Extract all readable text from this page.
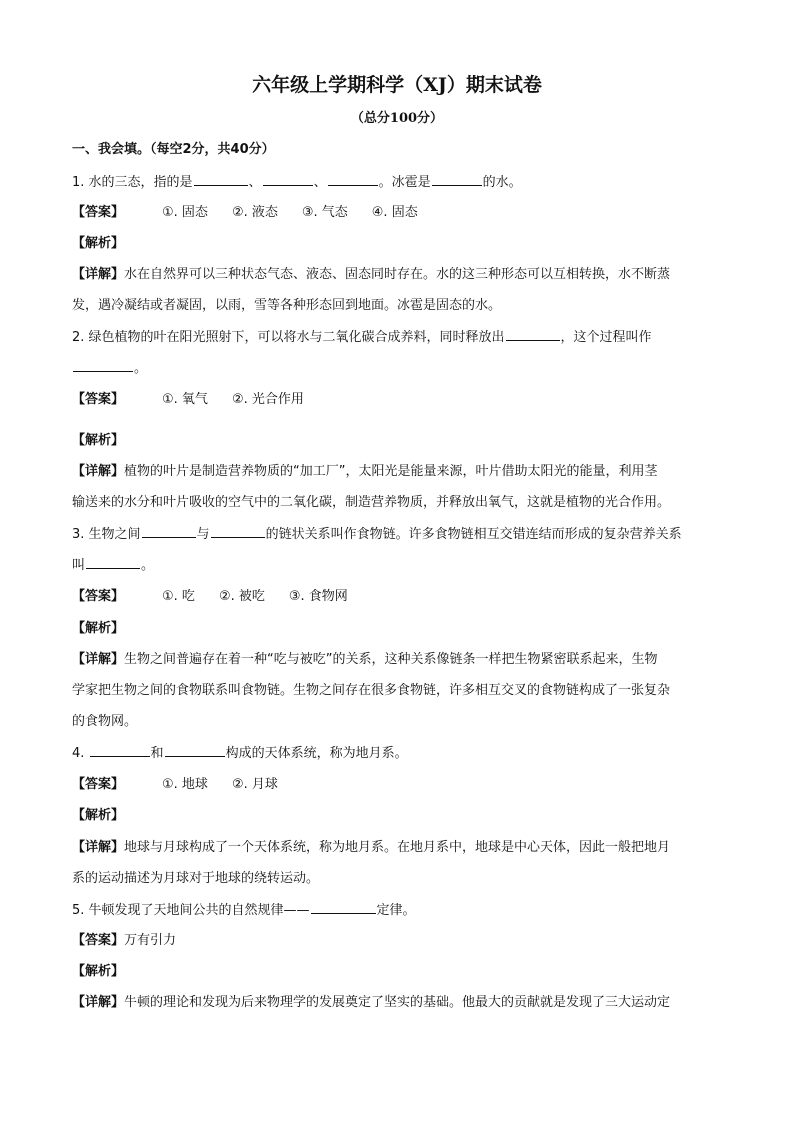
六年级上学期科学（XJ）期末试卷
（总分100分）
一、我会填。（每空2分，共40分）
1. 水的三态，指的是	、	、	。冰雹是	的水。
【答案】	①. 固态 ②. 液态 ③. 气态 ④. 固态
【解析】
【详解】水在自然界可以三种状态气态、液态、固态同时存在。水的这三种形态可以互相转换，水不断蒸
发，遇冷凝结或者凝固，以雨，雪等各种形态回到地面。冰雹是固态的水。
2. 绿色植物的叶在阳光照射下，可以将水与二氧化碳合成养料，同时释放出	，这个过程叫作
。
【答案】	①. 氧气 ②. 光合作用
【解析】
【详解】植物的叶片是制造营养物质的“加工厂”，太阳光是能量来源，叶片借助太阳光的能量，利用茎
输送来的水分和叶片吸收的空气中的二氧化碳，制造营养物质，并释放出氧气，这就是植物的光合作用。
3. 生物之间	与	的链状关系叫作食物链。许多食物链相互交错连结而形成的复杂营养关系
叫	。
【答案】	①. 吃 ②. 被吃 ③. 食物网
【解析】
【详解】生物之间普遍存在着一种“吃与被吃”的关系，这种关系像链条一样把生物紧密联系起来，生物
学家把生物之间的食物联系叫食物链。生物之间存在很多食物链，许多相互交叉的食物链构成了一张复杂
的食物网。
4.	和	构成的天体系统，称为地月系。
【答案】	①. 地球 ②. 月球
【解析】
【详解】地球与月球构成了一个天体系统，称为地月系。在地月系中，地球是中心天体，因此一般把地月
系的运动描述为月球对于地球的绕转运动。
5. 牛顿发现了天地间公共的自然规律——	定律。
【答案】万有引力
【解析】
【详解】牛顿的理论和发现为后来物理学的发展奠定了坚实的基础。他最大的贡献就是发现了三大运动定
